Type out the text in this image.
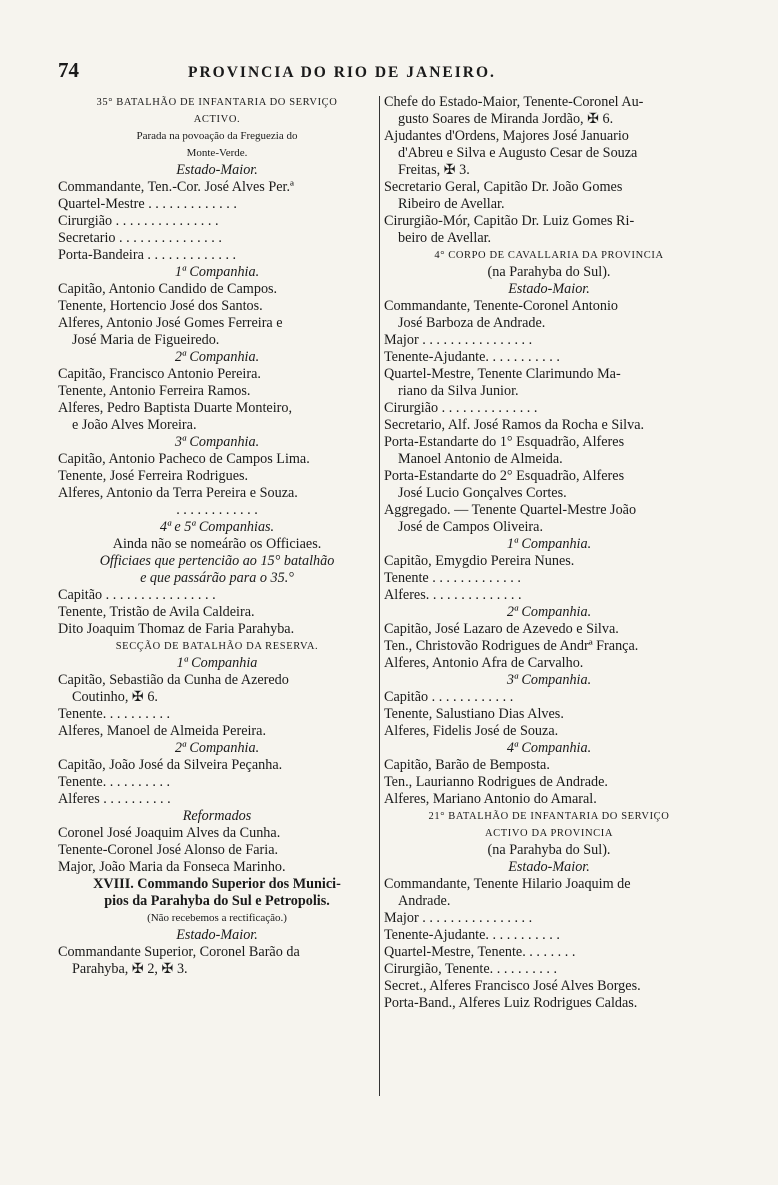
74	PROVINCIA DO RIO DE JANEIRO.
35° BATALHÃO DE INFANTARIA DO SERVIÇO
ACTIVO.
Parada na povoação da Freguezia do
Monte-Verde.
Estado-Maior.
Commandante, Ten.-Cor. José Alves Per.ª
Quartel-Mestre . . . . . . . . . . . . .
Cirurgião . . . . . . . . . . . . . . .
Secretario . . . . . . . . . . . . . . .
Porta-Bandeira . . . . . . . . . . . . .
1ª Companhia.
Capitão, Antonio Candido de Campos.
Tenente, Hortencio José dos Santos.
Alferes, Antonio José Gomes Ferreira e
José Maria de Figueiredo.
2ª Companhia.
Capitão, Francisco Antonio Pereira.
Tenente, Antonio Ferreira Ramos.
Alferes, Pedro Baptista Duarte Monteiro,
e João Alves Moreira.
3ª Companhia.
Capitão, Antonio Pacheco de Campos Lima.
Tenente, José Ferreira Rodrigues.
Alferes, Antonio da Terra Pereira e Souza.
. . . . . . . . . . . .
4ª e 5ª Companhias.
Ainda não se nomeárão os Officiaes.
Officiaes que pertencião ao 15° batalhão
e que passárão para o 35.°
Capitão . . . . . . . . . . . . . . . .
Tenente, Tristão de Avila Caldeira.
Dito Joaquim Thomaz de Faria Parahyba.
SECÇÃO DE BATALHÃO DA RESERVA.
1ª Companhia
Capitão, Sebastião da Cunha de Azeredo
Coutinho, ✠ 6.
Tenente. . . . . . . . . .
Alferes, Manoel de Almeida Pereira.
2ª Companhia.
Capitão, João José da Silveira Peçanha.
Tenente. . . . . . . . . .
Alferes . . . . . . . . . .
Reformados
Coronel José Joaquim Alves da Cunha.
Tenente-Coronel José Alonso de Faria.
Major, João Maria da Fonseca Marinho.
XVIII. Commando Superior dos Munici-
pios da Parahyba do Sul e Petropolis.
(Não recebemos a rectificação.)
Estado-Maior.
Commandante Superior, Coronel Barão da
Parahyba, ✠ 2, ✠ 3.
Chefe do Estado-Maior, Tenente-Coronel Au-
gusto Soares de Miranda Jordão, ✠ 6.
Ajudantes d'Ordens, Majores José Januario
d'Abreu e Silva e Augusto Cesar de Souza
Freitas, ✠ 3.
Secretario Geral, Capitão Dr. João Gomes
Ribeiro de Avellar.
Cirurgião-Mór, Capitão Dr. Luiz Gomes Ri-
beiro de Avellar.
4° CORPO DE CAVALLARIA DA PROVINCIA
(na Parahyba do Sul).
Estado-Maior.
Commandante, Tenente-Coronel Antonio
José Barboza de Andrade.
Major . . . . . . . . . . . . . . . .
Tenente-Ajudante. . . . . . . . . . .
Quartel-Mestre, Tenente Clarimundo Ma-
riano da Silva Junior.
Cirurgião . . . . . . . . . . . . . .
Secretario, Alf. José Ramos da Rocha e Silva.
Porta-Estandarte do 1° Esquadrão, Alferes
Manoel Antonio de Almeida.
Porta-Estandarte do 2° Esquadrão, Alferes
José Lucio Gonçalves Cortes.
Aggregado. — Tenente Quartel-Mestre João
José de Campos Oliveira.
1ª Companhia.
Capitão, Emygdio Pereira Nunes.
Tenente . . . . . . . . . . . . .
Alferes. . . . . . . . . . . . . .
2ª Companhia.
Capitão, José Lazaro de Azevedo e Silva.
Ten., Christovão Rodrigues de Andrª França.
Alferes, Antonio Afra de Carvalho.
3ª Companhia.
Capitão . . . . . . . . . . . .
Tenente, Salustiano Dias Alves.
Alferes, Fidelis José de Souza.
4ª Companhia.
Capitão, Barão de Bemposta.
Ten., Laurianno Rodrigues de Andrade.
Alferes, Mariano Antonio do Amaral.
21° BATALHÃO DE INFANTARIA DO SERVIÇO
ACTIVO DA PROVINCIA
(na Parahyba do Sul).
Estado-Maior.
Commandante, Tenente Hilario Joaquim de
Andrade.
Major . . . . . . . . . . . . . . . .
Tenente-Ajudante. . . . . . . . . . .
Quartel-Mestre, Tenente. . . . . . . .
Cirurgião, Tenente. . . . . . . . . .
Secret., Alferes Francisco José Alves Borges.
Porta-Band., Alferes Luiz Rodrigues Caldas.
